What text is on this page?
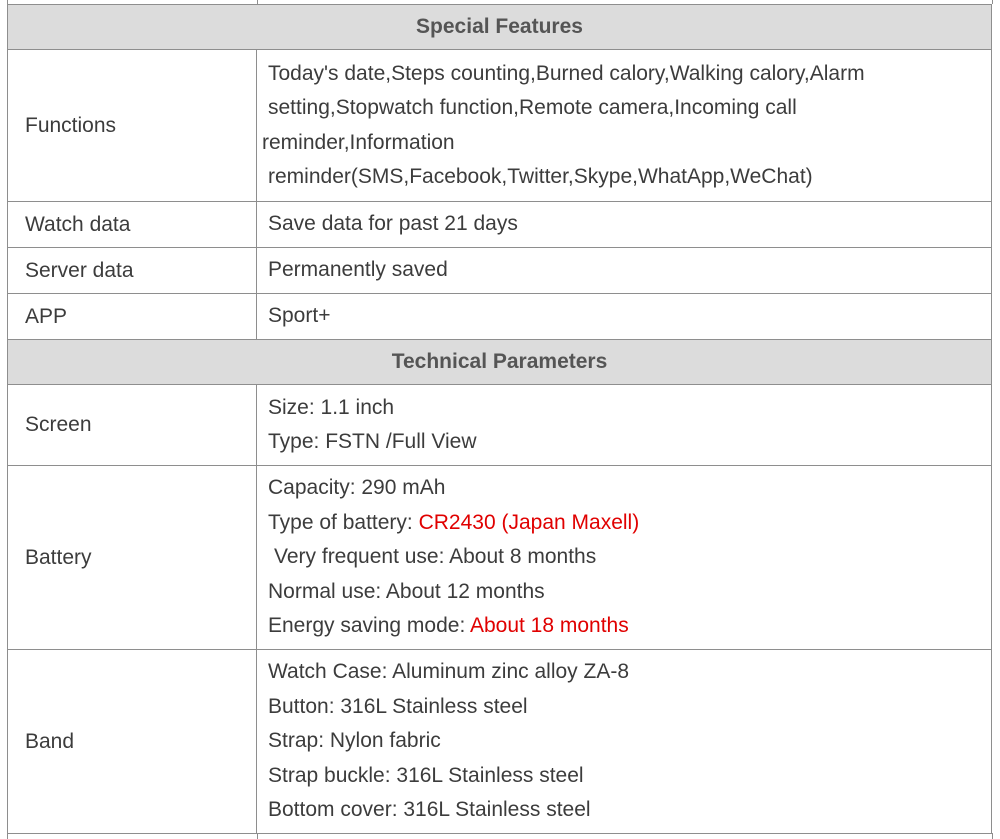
Special Features	
Functions	Today's date,Steps counting,Burned calory,Walking calory,Alarm
setting,Stopwatch function,Remote camera,Incoming call
reminder,Information
reminder(SMS,Facebook,Twitter,Skype,WhatApp,WeChat)

Watch data	Save data for past 21 days

Server data	Permanently saved

APP	Sport+

Technical Parameters	
Screen	Size: 1.1 inch
Type: FSTN /Full View

Battery	Capacity: 290 mAh
Type of battery: CR2430 (Japan Maxell)
Very frequent use: About 8 months
Normal use: About 12 months
Energy saving mode: About 18 months

Band	Watch Case: Aluminum zinc alloy ZA-8
Button: 316L Stainless steel
Strap: Nylon fabric
Strap buckle: 316L Stainless steel
Bottom cover: 316L Stainless steel
